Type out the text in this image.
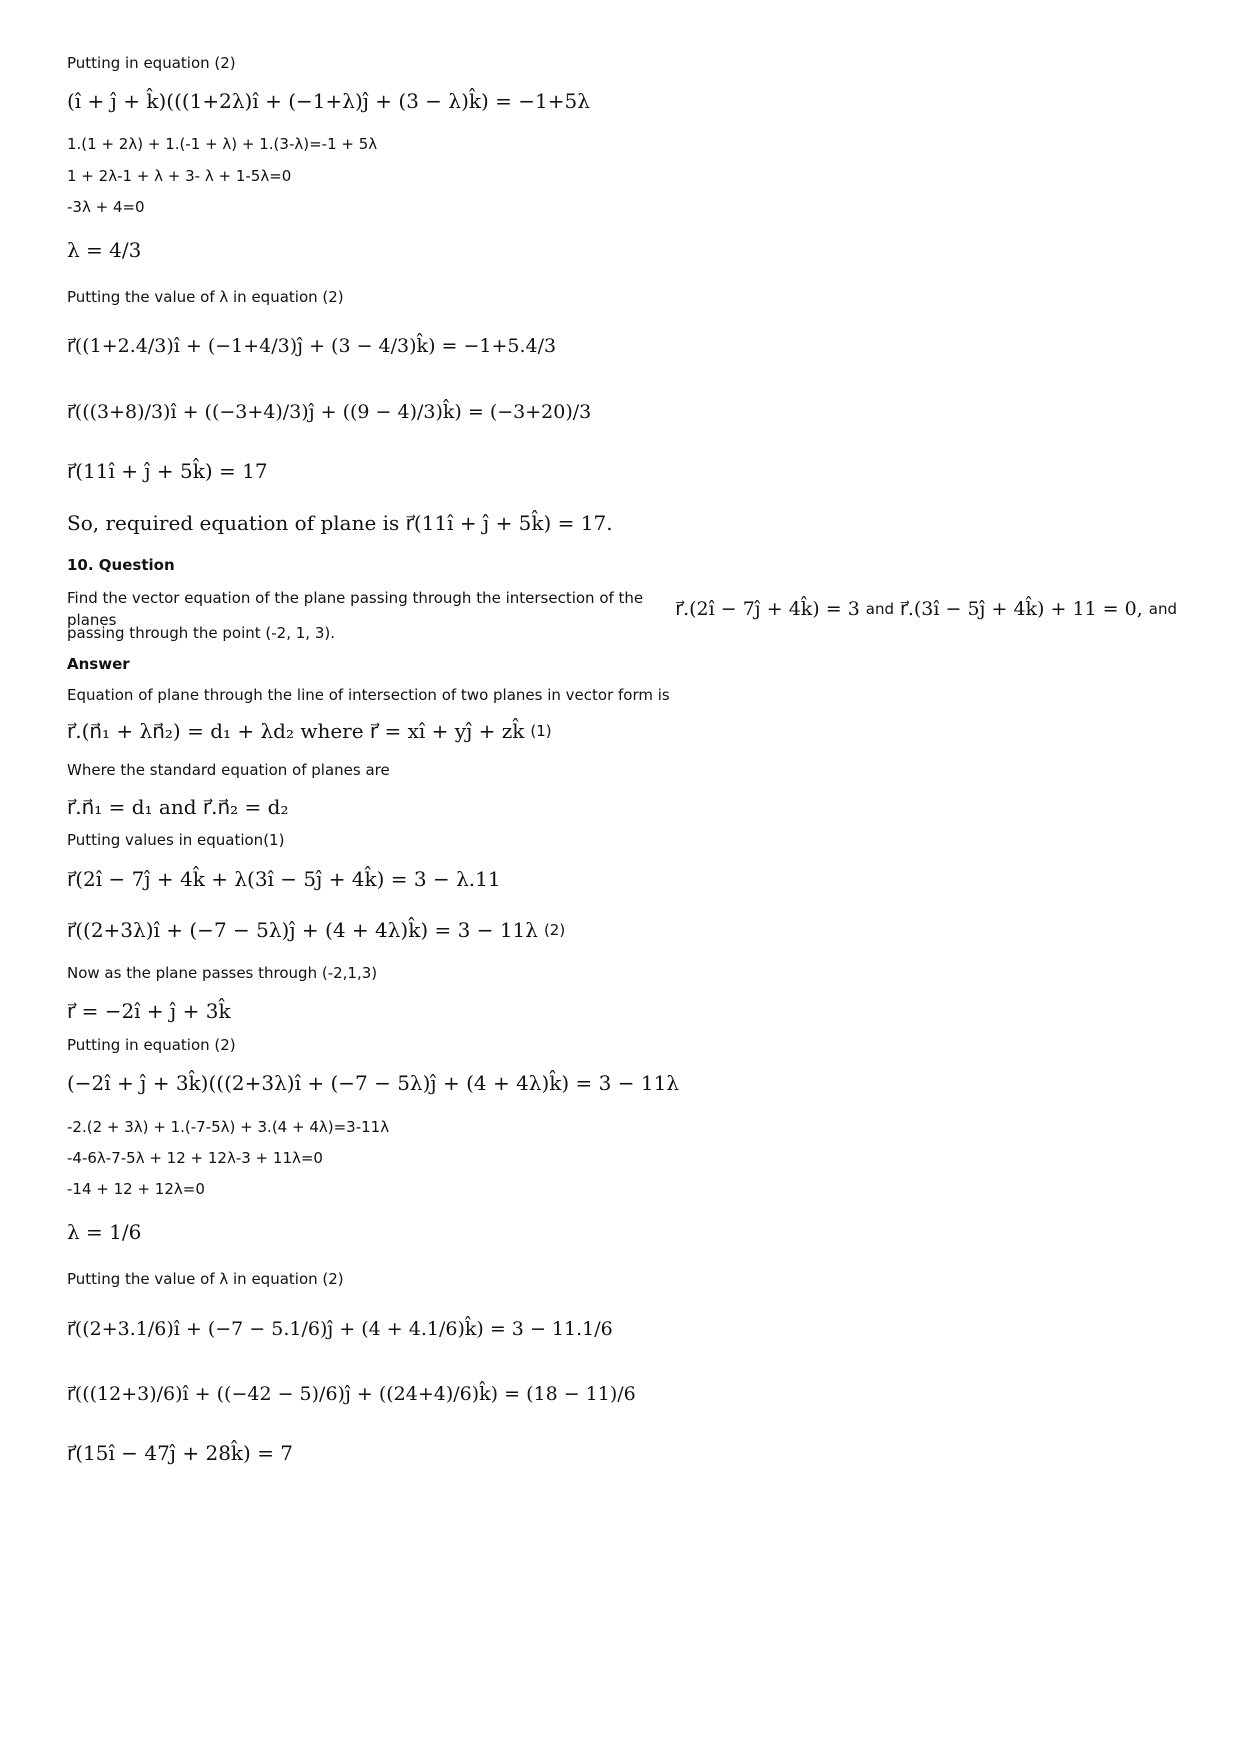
Putting in equation (2)

(î + ĵ + k̂)(((1+2λ)î + (−1+λ)ĵ + (3 − λ)k̂) = −1+5λ

1.(1 + 2λ) + 1.(-1 + λ) + 1.(3-λ)=-1 + 5λ

1 + 2λ-1 + λ + 3- λ + 1-5λ=0

-3λ + 4=0

λ = 4/3

Putting the value of λ in equation (2)

r⃗((1+2.4/3)î + (−1+4/3)ĵ + (3 − 4/3)k̂) = −1+5.4/3

r⃗(((3+8)/3)î + ((−3+4)/3)ĵ + ((9 − 4)/3)k̂) = (−3+20)/3

r⃗(11î + ĵ + 5k̂) = 17

So, required equation of plane is r⃗(11î + ĵ + 5k̂) = 17.

10. Question

Find the vector equation of the plane passing through the intersection of the planes	r⃗.(2î − 7ĵ + 4k̂) = 3 and r⃗.(3î − 5ĵ + 4k̂) + 11 = 0, and

passing through the point (-2, 1, 3).

Answer

Equation of plane through the line of intersection of two planes in vector form is

r⃗.(n⃗₁ + λn⃗₂) = d₁ + λd₂ where r⃗ = xî + yĵ + zk̂ (1)

Where the standard equation of planes are

r⃗.n⃗₁ = d₁ and r⃗.n⃗₂ = d₂

Putting values in equation(1)

r⃗(2î − 7ĵ + 4k̂ + λ(3î − 5ĵ + 4k̂) = 3 − λ.11

r⃗((2+3λ)î + (−7 − 5λ)ĵ + (4 + 4λ)k̂) = 3 − 11λ (2)

Now as the plane passes through (-2,1,3)

r⃗ = −2î + ĵ + 3k̂

Putting in equation (2)

(−2î + ĵ + 3k̂)(((2+3λ)î + (−7 − 5λ)ĵ + (4 + 4λ)k̂) = 3 − 11λ

-2.(2 + 3λ) + 1.(-7-5λ) + 3.(4 + 4λ)=3-11λ

-4-6λ-7-5λ + 12 + 12λ-3 + 11λ=0

-14 + 12 + 12λ=0

λ = 1/6

Putting the value of λ in equation (2)

r⃗((2+3.1/6)î + (−7 − 5.1/6)ĵ + (4 + 4.1/6)k̂) = 3 − 11.1/6

r⃗(((12+3)/6)î + ((−42 − 5)/6)ĵ + ((24+4)/6)k̂) = (18 − 11)/6

r⃗(15î − 47ĵ + 28k̂) = 7
